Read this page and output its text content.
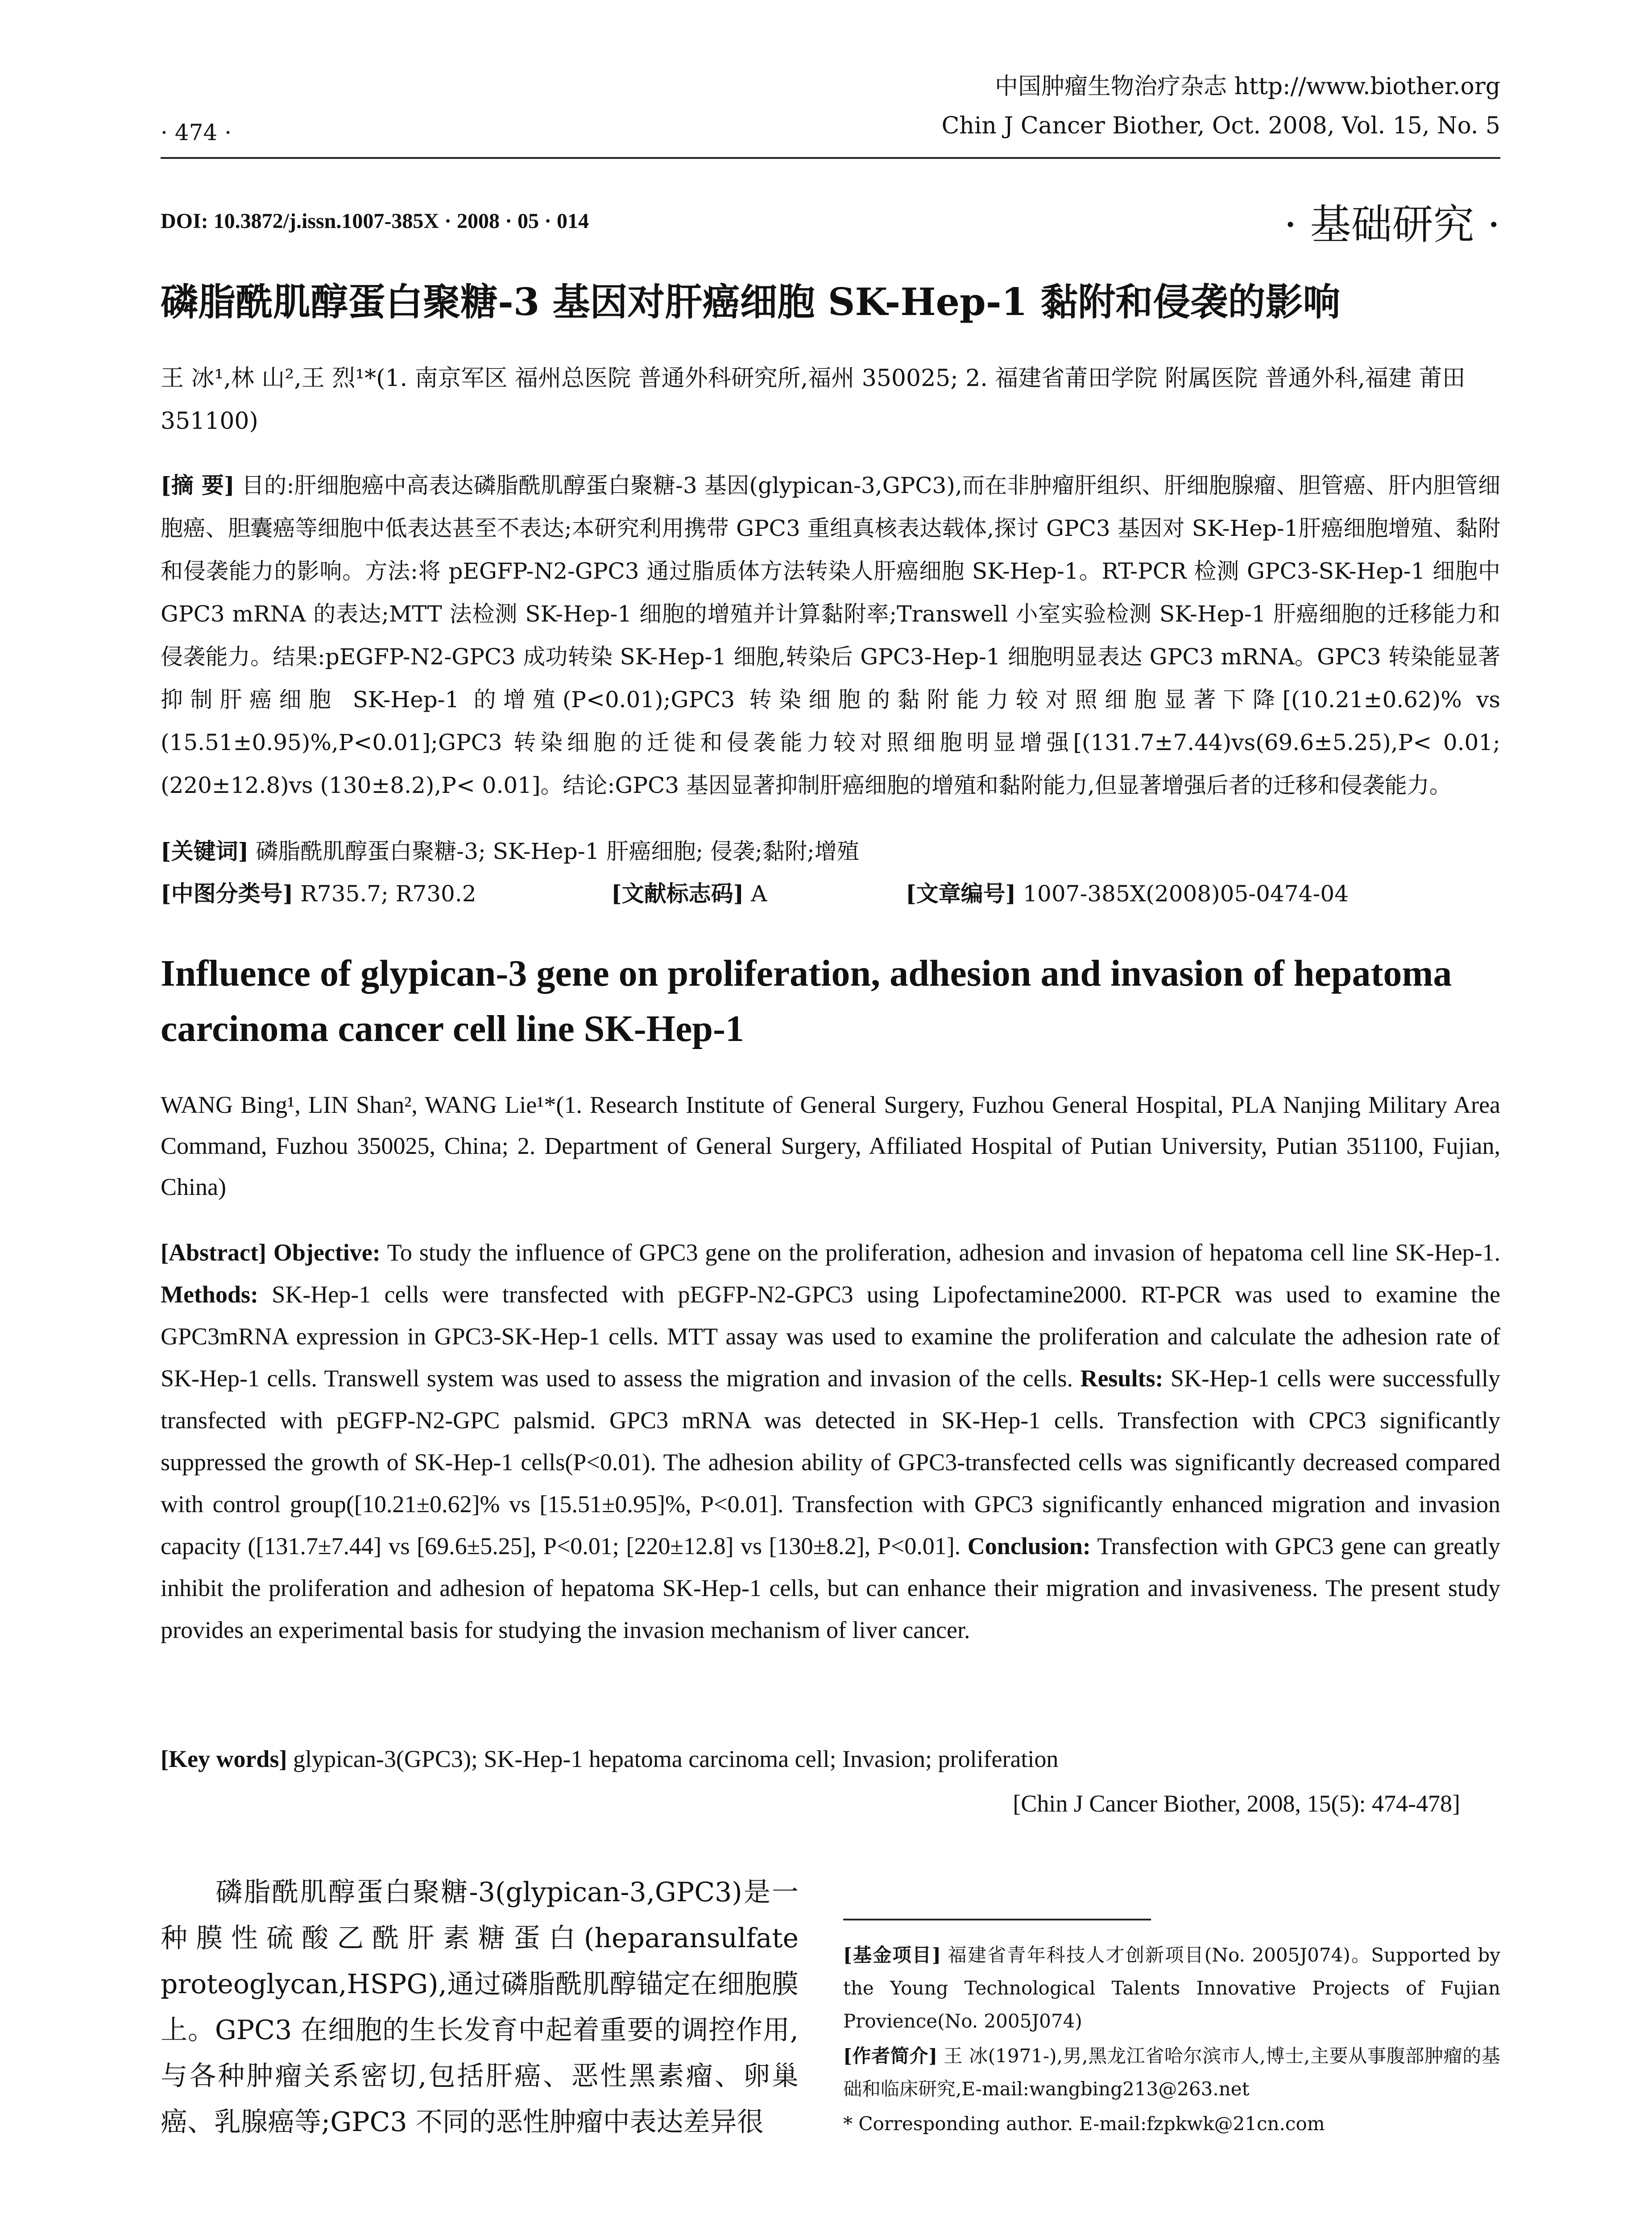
中国肿瘤生物治疗杂志 http://www.biother.org
Chin J Cancer Biother, Oct. 2008, Vol. 15, No. 5
· 474 ·
DOI: 10.3872/j.issn.1007-385X · 2008 · 05 · 014	· 基础研究 ·
磷脂酰肌醇蛋白聚糖-3 基因对肝癌细胞 SK-Hep-1 黏附和侵袭的影响
王 冰¹,林 山²,王 烈¹*(1. 南京军区 福州总医院 普通外科研究所,福州 350025; 2. 福建省莆田学院 附属医院 普通外科,福建 莆田 351100)
[摘 要] 目的:肝细胞癌中高表达磷脂酰肌醇蛋白聚糖-3 基因(glypican-3,GPC3),而在非肿瘤肝组织、肝细胞腺瘤、胆管癌、肝内胆管细胞癌、胆囊癌等细胞中低表达甚至不表达;本研究利用携带 GPC3 重组真核表达载体,探讨 GPC3 基因对 SK-Hep-1肝癌细胞增殖、黏附和侵袭能力的影响。方法:将 pEGFP-N2-GPC3 通过脂质体方法转染人肝癌细胞 SK-Hep-1。RT-PCR 检测 GPC3-SK-Hep-1 细胞中 GPC3 mRNA 的表达;MTT 法检测 SK-Hep-1 细胞的增殖并计算黏附率;Transwell 小室实验检测 SK-Hep-1 肝癌细胞的迁移能力和侵袭能力。结果:pEGFP-N2-GPC3 成功转染 SK-Hep-1 细胞,转染后 GPC3-Hep-1 细胞明显表达 GPC3 mRNA。GPC3 转染能显著抑制肝癌细胞 SK-Hep-1 的增殖(P<0.01);GPC3 转染细胞的黏附能力较对照细胞显著下降[(10.21±0.62)% vs (15.51±0.95)%,P<0.01];GPC3 转染细胞的迁徙和侵袭能力较对照细胞明显增强[(131.7±7.44)vs(69.6±5.25),P< 0.01;(220±12.8)vs (130±8.2),P< 0.01]。结论:GPC3 基因显著抑制肝癌细胞的增殖和黏附能力,但显著增强后者的迁移和侵袭能力。
[关键词] 磷脂酰肌醇蛋白聚糖-3; SK-Hep-1 肝癌细胞; 侵袭;黏附;增殖
[中图分类号] R735.7; R730.2	[文献标志码] A	[文章编号] 1007-385X(2008)05-0474-04
Influence of glypican-3 gene on proliferation, adhesion and invasion of hepatoma carcinoma cancer cell line SK-Hep-1
WANG Bing¹, LIN Shan², WANG Lie¹*(1. Research Institute of General Surgery, Fuzhou General Hospital, PLA Nanjing Military Area Command, Fuzhou 350025, China; 2. Department of General Surgery, Affiliated Hospital of Putian University, Putian 351100, Fujian, China)
[Abstract] Objective: To study the influence of GPC3 gene on the proliferation, adhesion and invasion of hepatoma cell line SK-Hep-1. Methods: SK-Hep-1 cells were transfected with pEGFP-N2-GPC3 using Lipofectamine2000. RT-PCR was used to examine the GPC3mRNA expression in GPC3-SK-Hep-1 cells. MTT assay was used to examine the proliferation and calculate the adhesion rate of SK-Hep-1 cells. Transwell system was used to assess the migration and invasion of the cells. Results: SK-Hep-1 cells were successfully transfected with pEGFP-N2-GPC palsmid. GPC3 mRNA was detected in SK-Hep-1 cells. Transfection with CPC3 significantly suppressed the growth of SK-Hep-1 cells(P<0.01). The adhesion ability of GPC3-transfected cells was significantly decreased compared with control group([10.21±0.62]% vs [15.51±0.95]%, P<0.01]. Transfection with GPC3 significantly enhanced migration and invasion capacity ([131.7±7.44] vs [69.6±5.25], P<0.01; [220±12.8] vs [130±8.2], P<0.01]. Conclusion: Transfection with GPC3 gene can greatly inhibit the proliferation and adhesion of hepatoma SK-Hep-1 cells, but can enhance their migration and invasiveness. The present study provides an experimental basis for studying the invasion mechanism of liver cancer.
[Key words] glypican-3(GPC3); SK-Hep-1 hepatoma carcinoma cell; Invasion; proliferation
[Chin J Cancer Biother, 2008, 15(5): 474-478]
磷脂酰肌醇蛋白聚糖-3(glypican-3,GPC3)是一种膜性硫酸乙酰肝素糖蛋白(heparansulfate proteoglycan,HSPG),通过磷脂酰肌醇锚定在细胞膜上。GPC3 在细胞的生长发育中起着重要的调控作用,与各种肿瘤关系密切,包括肝癌、恶性黑素瘤、卵巢癌、乳腺癌等;GPC3 不同的恶性肿瘤中表达差异很

[基金项目] 福建省青年科技人才创新项目(No. 2005J074)。Supported by the Young Technological Talents Innovative Projects of Fujian Provience(No. 2005J074)

[作者简介] 王 冰(1971-),男,黑龙江省哈尔滨市人,博士,主要从事腹部肿瘤的基础和临床研究,E-mail:wangbing213@263.net

* Corresponding author. E-mail:fzpkwk@21cn.com
